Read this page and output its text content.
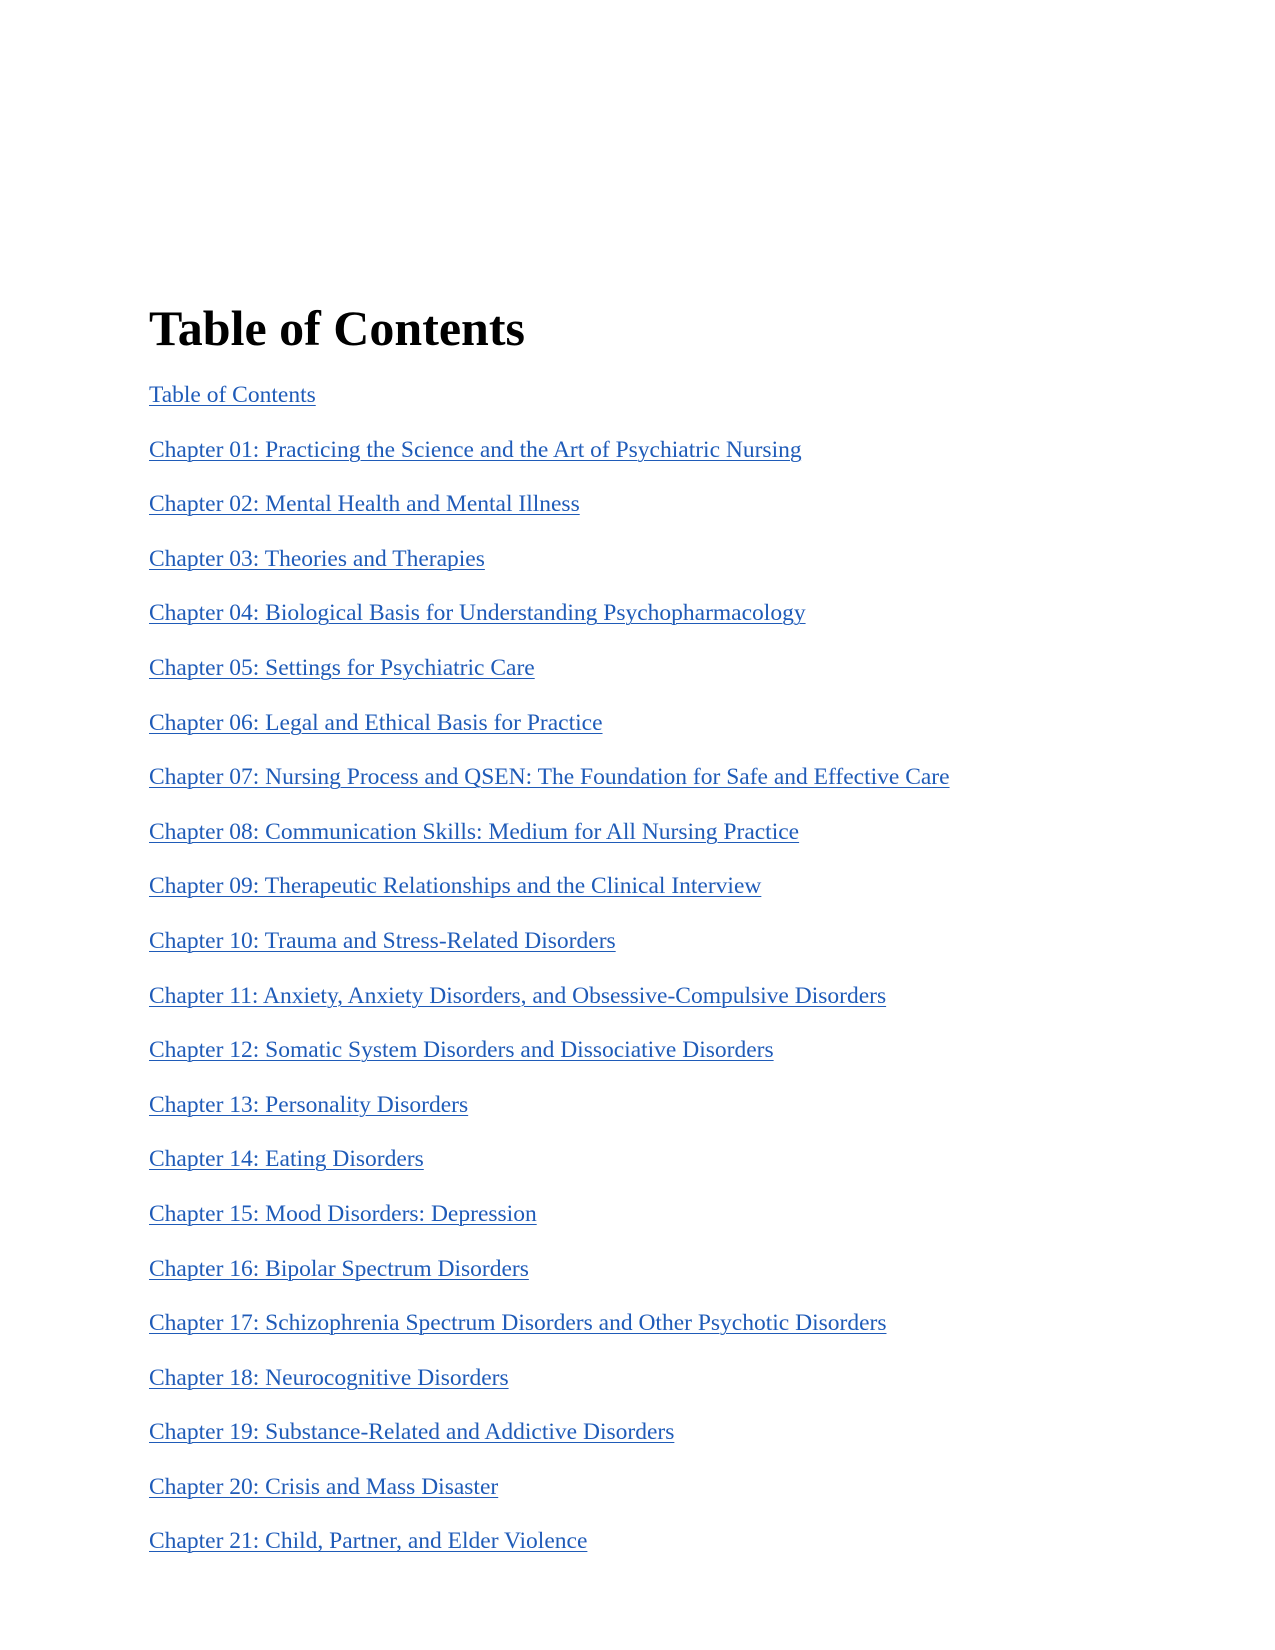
Table of Contents
Table of Contents
Chapter 01: Practicing the Science and the Art of Psychiatric Nursing
Chapter 02: Mental Health and Mental Illness
Chapter 03: Theories and Therapies
Chapter 04: Biological Basis for Understanding Psychopharmacology
Chapter 05: Settings for Psychiatric Care
Chapter 06: Legal and Ethical Basis for Practice
Chapter 07: Nursing Process and QSEN: The Foundation for Safe and Effective Care
Chapter 08: Communication Skills: Medium for All Nursing Practice
Chapter 09: Therapeutic Relationships and the Clinical Interview
Chapter 10: Trauma and Stress-Related Disorders
Chapter 11: Anxiety, Anxiety Disorders, and Obsessive-Compulsive Disorders
Chapter 12: Somatic System Disorders and Dissociative Disorders
Chapter 13: Personality Disorders
Chapter 14: Eating Disorders
Chapter 15: Mood Disorders: Depression
Chapter 16: Bipolar Spectrum Disorders
Chapter 17: Schizophrenia Spectrum Disorders and Other Psychotic Disorders
Chapter 18: Neurocognitive Disorders
Chapter 19: Substance-Related and Addictive Disorders
Chapter 20: Crisis and Mass Disaster
Chapter 21: Child, Partner, and Elder Violence
